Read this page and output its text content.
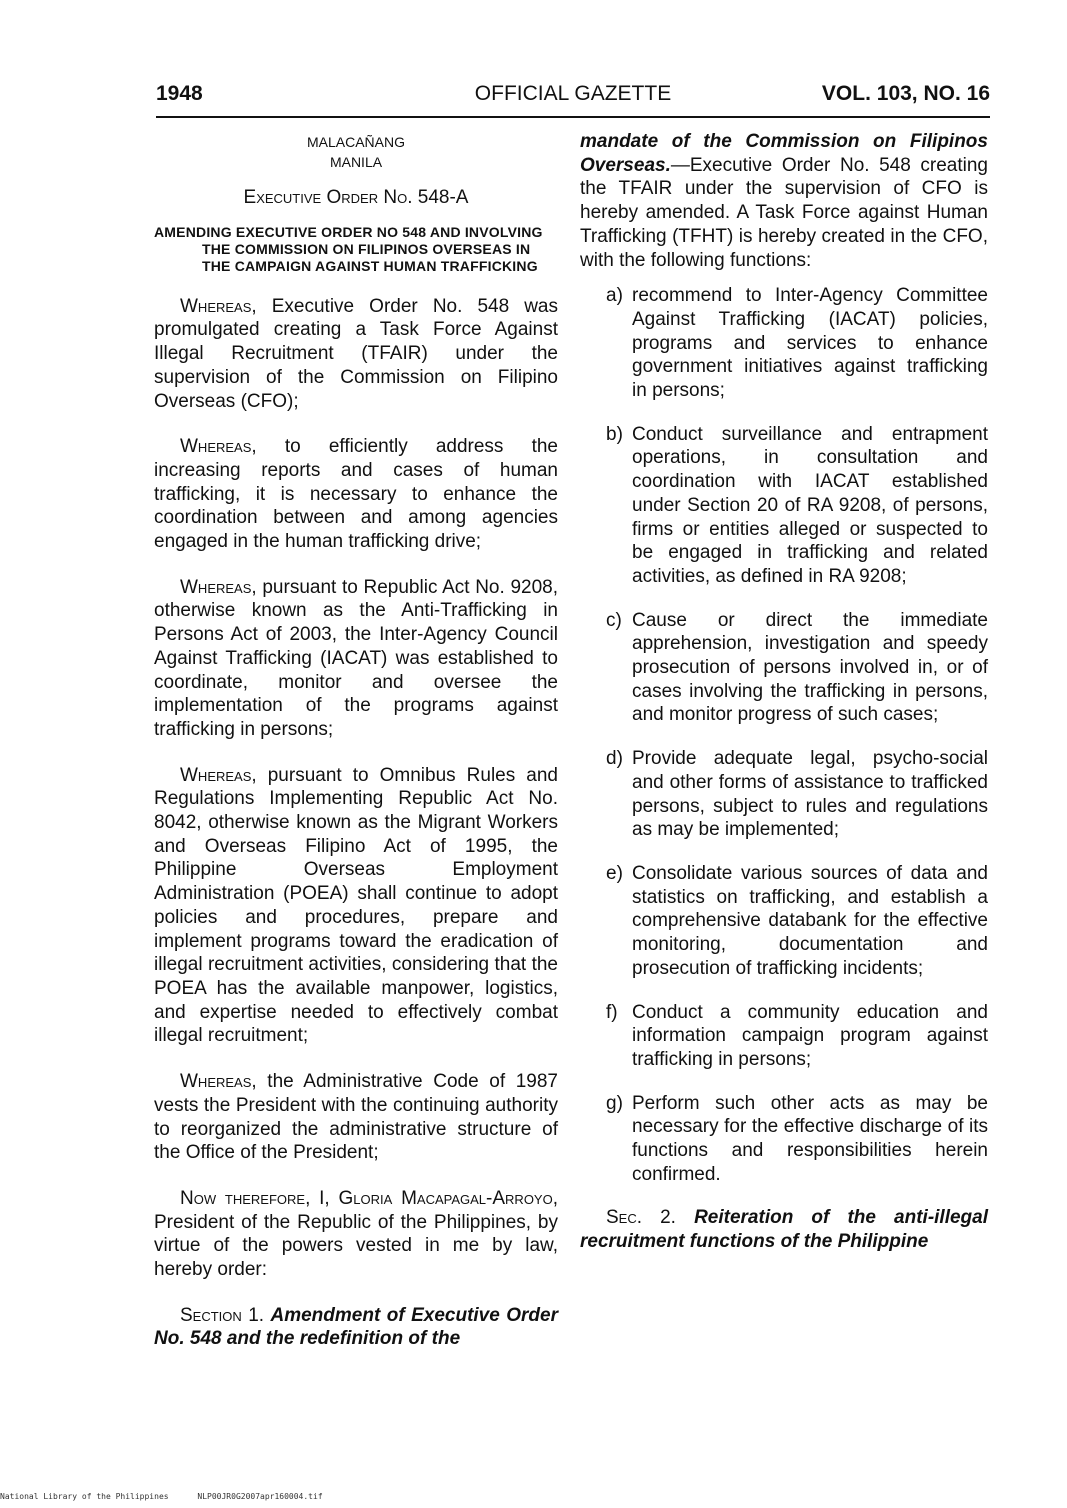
1948	OFFICIAL GAZETTE	VOL. 103, NO. 16
MALACAÑANG
MANILA
Executive Order No. 548-A
AMENDING EXECUTIVE ORDER NO 548 AND INVOLVING THE COMMISSION ON FILIPINOS OVERSEAS IN THE CAMPAIGN AGAINST HUMAN TRAFFICKING

Whereas, Executive Order No. 548 was promulgated creating a Task Force Against Illegal Recruitment (TFAIR) under the supervision of the Commission on Filipino Overseas (CFO);

Whereas, to efficiently address the increasing reports and cases of human trafficking, it is necessary to enhance the coordination between and among agencies engaged in the human trafficking drive;

Whereas, pursuant to Republic Act No. 9208, otherwise known as the Anti-Trafficking in Persons Act of 2003, the Inter-Agency Council Against Trafficking (IACAT) was established to coordinate, monitor and oversee the implementation of the programs against trafficking in persons;

Whereas, pursuant to Omnibus Rules and Regulations Implementing Republic Act No. 8042, otherwise known as the Migrant Workers and Overseas Filipino Act of 1995, the Philippine Overseas Employment Administration (POEA) shall continue to adopt policies and procedures, prepare and implement programs toward the eradication of illegal recruitment activities, considering that the POEA has the available manpower, logistics, and expertise needed to effectively combat illegal recruitment;

Whereas, the Administrative Code of 1987 vests the President with the continuing authority to reorganized the administrative structure of the Office of the President;

Now therefore, I, Gloria Macapagal-Arroyo, President of the Republic of the Philippines, by virtue of the powers vested in me by law, hereby order:

Section 1. Amendment of Executive Order No. 548 and the redefinition of the

mandate of the Commission on Filipinos Overseas.—Executive Order No. 548 creating the TFAIR under the supervision of CFO is hereby amended. A Task Force against Human Trafficking (TFHT) is hereby created in the CFO, with the following functions:

a) recommend to Inter-Agency Committee Against Trafficking (IACAT) policies, programs and services to enhance government initiatives against trafficking in persons;
b) Conduct surveillance and entrapment operations, in consultation and coordination with IACAT established under Section 20 of RA 9208, of persons, firms or entities alleged or suspected to be engaged in trafficking and related activities, as defined in RA 9208;
c) Cause or direct the immediate apprehension, investigation and speedy prosecution of persons involved in, or of cases involving the trafficking in persons, and monitor progress of such cases;
d) Provide adequate legal, psycho-social and other forms of assistance to trafficked persons, subject to rules and regulations as may be implemented;
e) Consolidate various sources of data and statistics on trafficking, and establish a comprehensive databank for the effective monitoring, documentation and prosecution of trafficking incidents;
f) Conduct a community education and information campaign program against trafficking in persons;
g) Perform such other acts as may be necessary for the effective discharge of its functions and responsibilities herein confirmed.

Sec. 2. Reiteration of the anti-illegal recruitment functions of the Philippine

National Library of the Philippines	NLP00JR0G2007apr160004.tif
